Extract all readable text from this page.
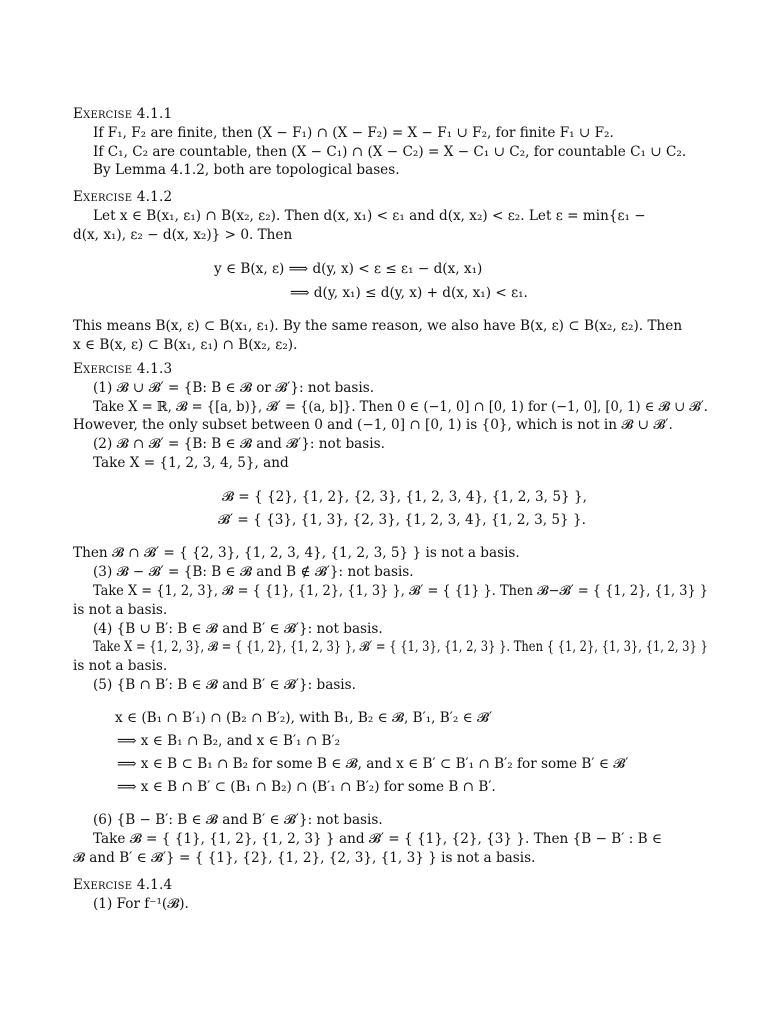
Exercise 4.1.1
If F₁, F₂ are finite, then (X − F₁) ∩ (X − F₂) = X − F₁ ∪ F₂, for finite F₁ ∪ F₂.
If C₁, C₂ are countable, then (X − C₁) ∩ (X − C₂) = X − C₁ ∪ C₂, for countable C₁ ∪ C₂.
By Lemma 4.1.2, both are topological bases.
Exercise 4.1.2
Let x ∈ B(x₁, ε₁) ∩ B(x₂, ε₂). Then d(x, x₁) < ε₁ and d(x, x₂) < ε₂. Let ε = min{ε₁ −
d(x, x₁), ε₂ − d(x, x₂)} > 0. Then
y ∈ B(x, ε) ⟹ d(y, x) < ε ≤ ε₁ − d(x, x₁)
⟹ d(y, x₁) ≤ d(y, x) + d(x, x₁) < ε₁.
This means B(x, ε) ⊂ B(x₁, ε₁). By the same reason, we also have B(x, ε) ⊂ B(x₂, ε₂). Then
x ∈ B(x, ε) ⊂ B(x₁, ε₁) ∩ B(x₂, ε₂).
Exercise 4.1.3
(1) 𝓑 ∪ 𝓑′ = {B: B ∈ 𝓑 or 𝓑′}: not basis.
Take X = ℝ, 𝓑 = {[a, b)}, 𝓑′ = {(a, b]}. Then 0 ∈ (−1, 0] ∩ [0, 1) for (−1, 0], [0, 1) ∈ 𝓑 ∪ 𝓑′.
However, the only subset between 0 and (−1, 0] ∩ [0, 1) is {0}, which is not in 𝓑 ∪ 𝓑′.
(2) 𝓑 ∩ 𝓑′ = {B: B ∈ 𝓑 and 𝓑′}: not basis.
Take X = {1, 2, 3, 4, 5}, and
𝓑 = { {2}, {1, 2}, {2, 3}, {1, 2, 3, 4}, {1, 2, 3, 5} },
𝓑′ = { {3}, {1, 3}, {2, 3}, {1, 2, 3, 4}, {1, 2, 3, 5} }.
Then 𝓑 ∩ 𝓑′ = { {2, 3}, {1, 2, 3, 4}, {1, 2, 3, 5} } is not a basis.
(3) 𝓑 − 𝓑′ = {B: B ∈ 𝓑 and B ∉ 𝓑′}: not basis.
Take X = {1, 2, 3}, 𝓑 = { {1}, {1, 2}, {1, 3} }, 𝓑′ = { {1} }. Then 𝓑−𝓑′ = { {1, 2}, {1, 3} }
is not a basis.
(4) {B ∪ B′: B ∈ 𝓑 and B′ ∈ 𝓑′}: not basis.
Take X = {1, 2, 3}, 𝓑 = { {1, 2}, {1, 2, 3} }, 𝓑′ = { {1, 3}, {1, 2, 3} }. Then { {1, 2}, {1, 3}, {1, 2, 3} }
is not a basis.
(5) {B ∩ B′: B ∈ 𝓑 and B′ ∈ 𝓑′}: basis.
x ∈ (B₁ ∩ B′₁) ∩ (B₂ ∩ B′₂), with B₁, B₂ ∈ 𝓑, B′₁, B′₂ ∈ 𝓑′
⟹ x ∈ B₁ ∩ B₂, and x ∈ B′₁ ∩ B′₂
⟹ x ∈ B ⊂ B₁ ∩ B₂ for some B ∈ 𝓑, and x ∈ B′ ⊂ B′₁ ∩ B′₂ for some B′ ∈ 𝓑′
⟹ x ∈ B ∩ B′ ⊂ (B₁ ∩ B₂) ∩ (B′₁ ∩ B′₂) for some B ∩ B′.
(6) {B − B′: B ∈ 𝓑 and B′ ∈ 𝓑′}: not basis.
Take 𝓑 = { {1}, {1, 2}, {1, 2, 3} } and 𝓑′ = { {1}, {2}, {3} }. Then {B − B′ : B ∈
𝓑 and B′ ∈ 𝓑′} = { {1}, {2}, {1, 2}, {2, 3}, {1, 3} } is not a basis.
Exercise 4.1.4
(1) For f⁻¹(𝓑).
